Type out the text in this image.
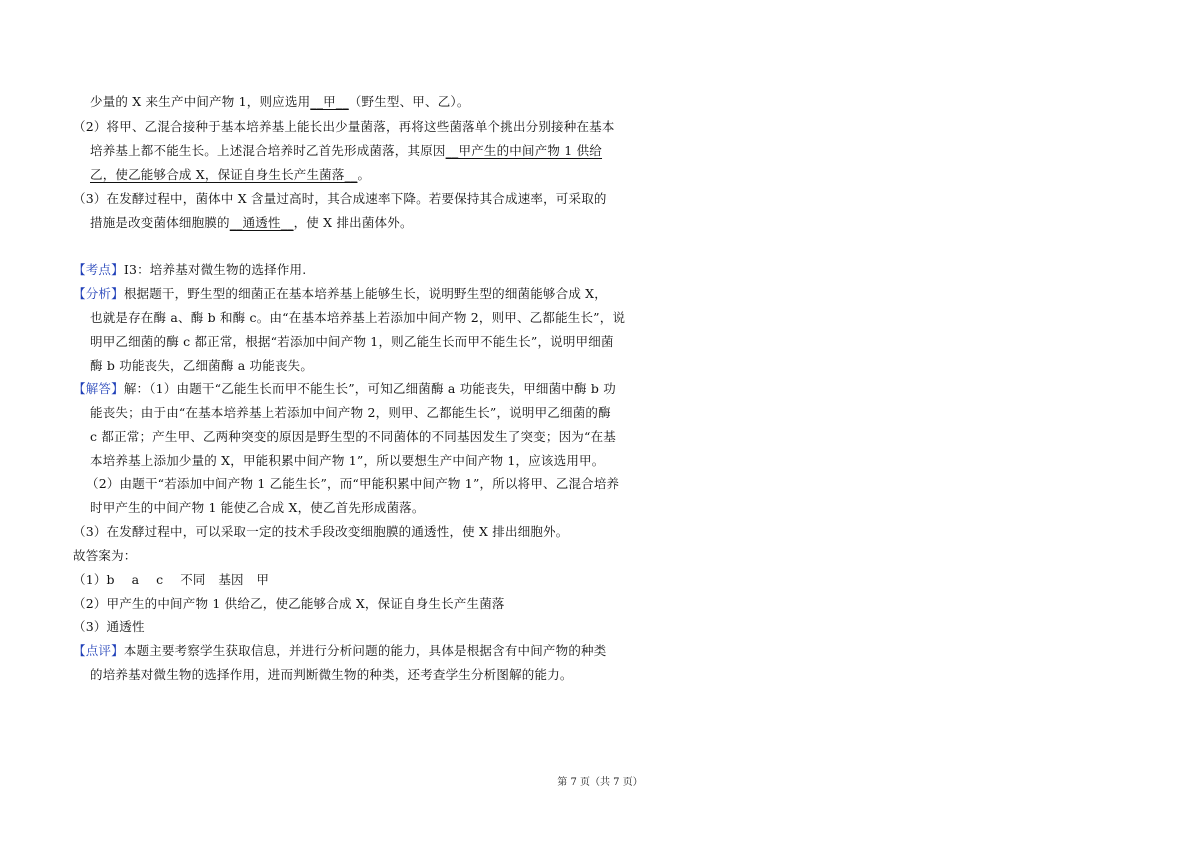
少量的 X 来生产中间产物 1，则应选用__甲__（野生型、甲、乙）。
（2）将甲、乙混合接种于基本培养基上能长出少量菌落，再将这些菌落单个挑出分别接种在基本
培养基上都不能生长。上述混合培养时乙首先形成菌落，其原因__甲产生的中间产物 1 供给
乙，使乙能够合成 X，保证自身生长产生菌落__。
（3）在发酵过程中，菌体中 X 含量过高时，其合成速率下降。若要保持其合成速率，可采取的
措施是改变菌体细胞膜的__通透性__，使 X 排出菌体外。
【考点】I3：培养基对微生物的选择作用.
【分析】根据题干，野生型的细菌正在基本培养基上能够生长，说明野生型的细菌能够合成 X，
也就是存在酶 a、酶 b 和酶 c。由“在基本培养基上若添加中间产物 2，则甲、乙都能生长”，说
明甲乙细菌的酶 c 都正常，根据“若添加中间产物 1，则乙能生长而甲不能生长”，说明甲细菌
酶 b 功能丧失，乙细菌酶 a 功能丧失。
【解答】解：（1）由题干“乙能生长而甲不能生长”，可知乙细菌酶 a 功能丧失，甲细菌中酶 b 功
能丧失；由于由“在基本培养基上若添加中间产物 2，则甲、乙都能生长”，说明甲乙细菌的酶
c 都正常；产生甲、乙两种突变的原因是野生型的不同菌体的不同基因发生了突变；因为“在基
本培养基上添加少量的 X，甲能积累中间产物 1”，所以要想生产中间产物 1，应该选用甲。
（2）由题干“若添加中间产物 1 乙能生长”，而“甲能积累中间产物 1”，所以将甲、乙混合培养
时甲产生的中间产物 1 能使乙合成 X，使乙首先形成菌落。
（3）在发酵过程中，可以采取一定的技术手段改变细胞膜的通透性，使 X 排出细胞外。
故答案为：
（1）b　 a　 c　 不同　基因　甲
（2）甲产生的中间产物 1 供给乙，使乙能够合成 X，保证自身生长产生菌落
（3）通透性
【点评】本题主要考察学生获取信息，并进行分析问题的能力，具体是根据含有中间产物的种类
的培养基对微生物的选择作用，进而判断微生物的种类，还考查学生分析图解的能力。
第 7 页（共 7 页）
